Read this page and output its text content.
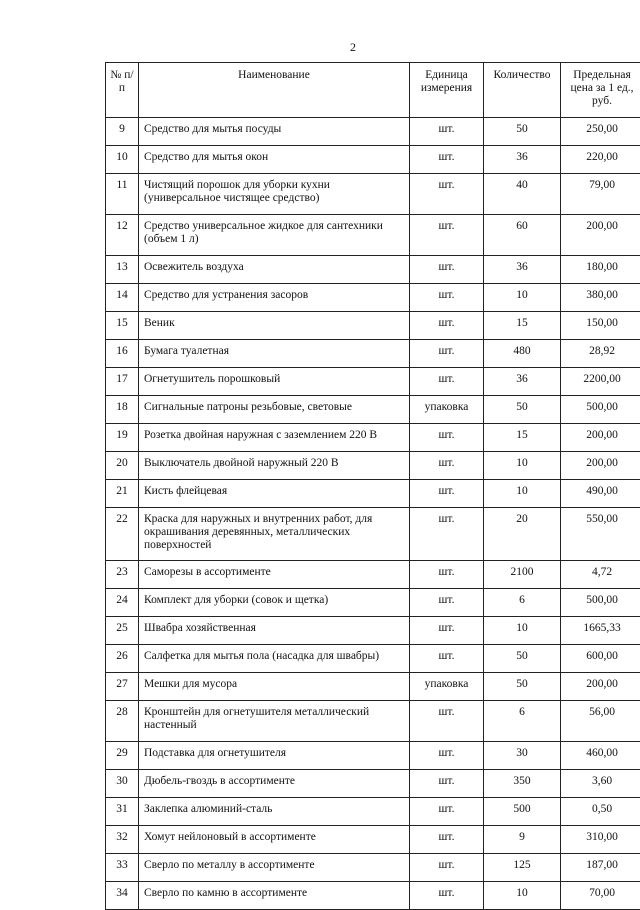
2
№ п/п	Наименование	Единица измерения	Количество	Предельная цена за 1 ед., руб.
9	Средство для мытья посуды	шт.	50	250,00
10	Средство для мытья окон	шт.	36	220,00
11	Чистящий порошок для уборки кухни (универсальное чистящее средство)	шт.	40	79,00
12	Средство универсальное жидкое для сантехники (объем 1 л)	шт.	60	200,00
13	Освежитель воздуха	шт.	36	180,00
14	Средство для устранения засоров	шт.	10	380,00
15	Веник	шт.	15	150,00
16	Бумага туалетная	шт.	480	28,92
17	Огнетушитель порошковый	шт.	36	2200,00
18	Сигнальные патроны резьбовые, световые	упаковка	50	500,00
19	Розетка двойная наружная с заземлением 220 В	шт.	15	200,00
20	Выключатель двойной наружный 220 В	шт.	10	200,00
21	Кисть флейцевая	шт.	10	490,00
22	Краска для наружных и внутренних работ, для окрашивания деревянных, металлических поверхностей	шт.	20	550,00
23	Саморезы в ассортименте	шт.	2100	4,72
24	Комплект для уборки (совок и щетка)	шт.	6	500,00
25	Швабра хозяйственная	шт.	10	1665,33
26	Салфетка для мытья пола (насадка для швабры)	шт.	50	600,00
27	Мешки для мусора	упаковка	50	200,00
28	Кронштейн для огнетушителя металлический настенный	шт.	6	56,00
29	Подставка для огнетушителя	шт.	30	460,00
30	Дюбель-гвоздь в ассортименте	шт.	350	3,60
31	Заклепка алюминий-сталь	шт.	500	0,50
32	Хомут нейлоновый в ассортименте	шт.	9	310,00
33	Сверло по металлу в ассортименте	шт.	125	187,00
34	Сверло по камню в ассортименте	шт.	10	70,00
